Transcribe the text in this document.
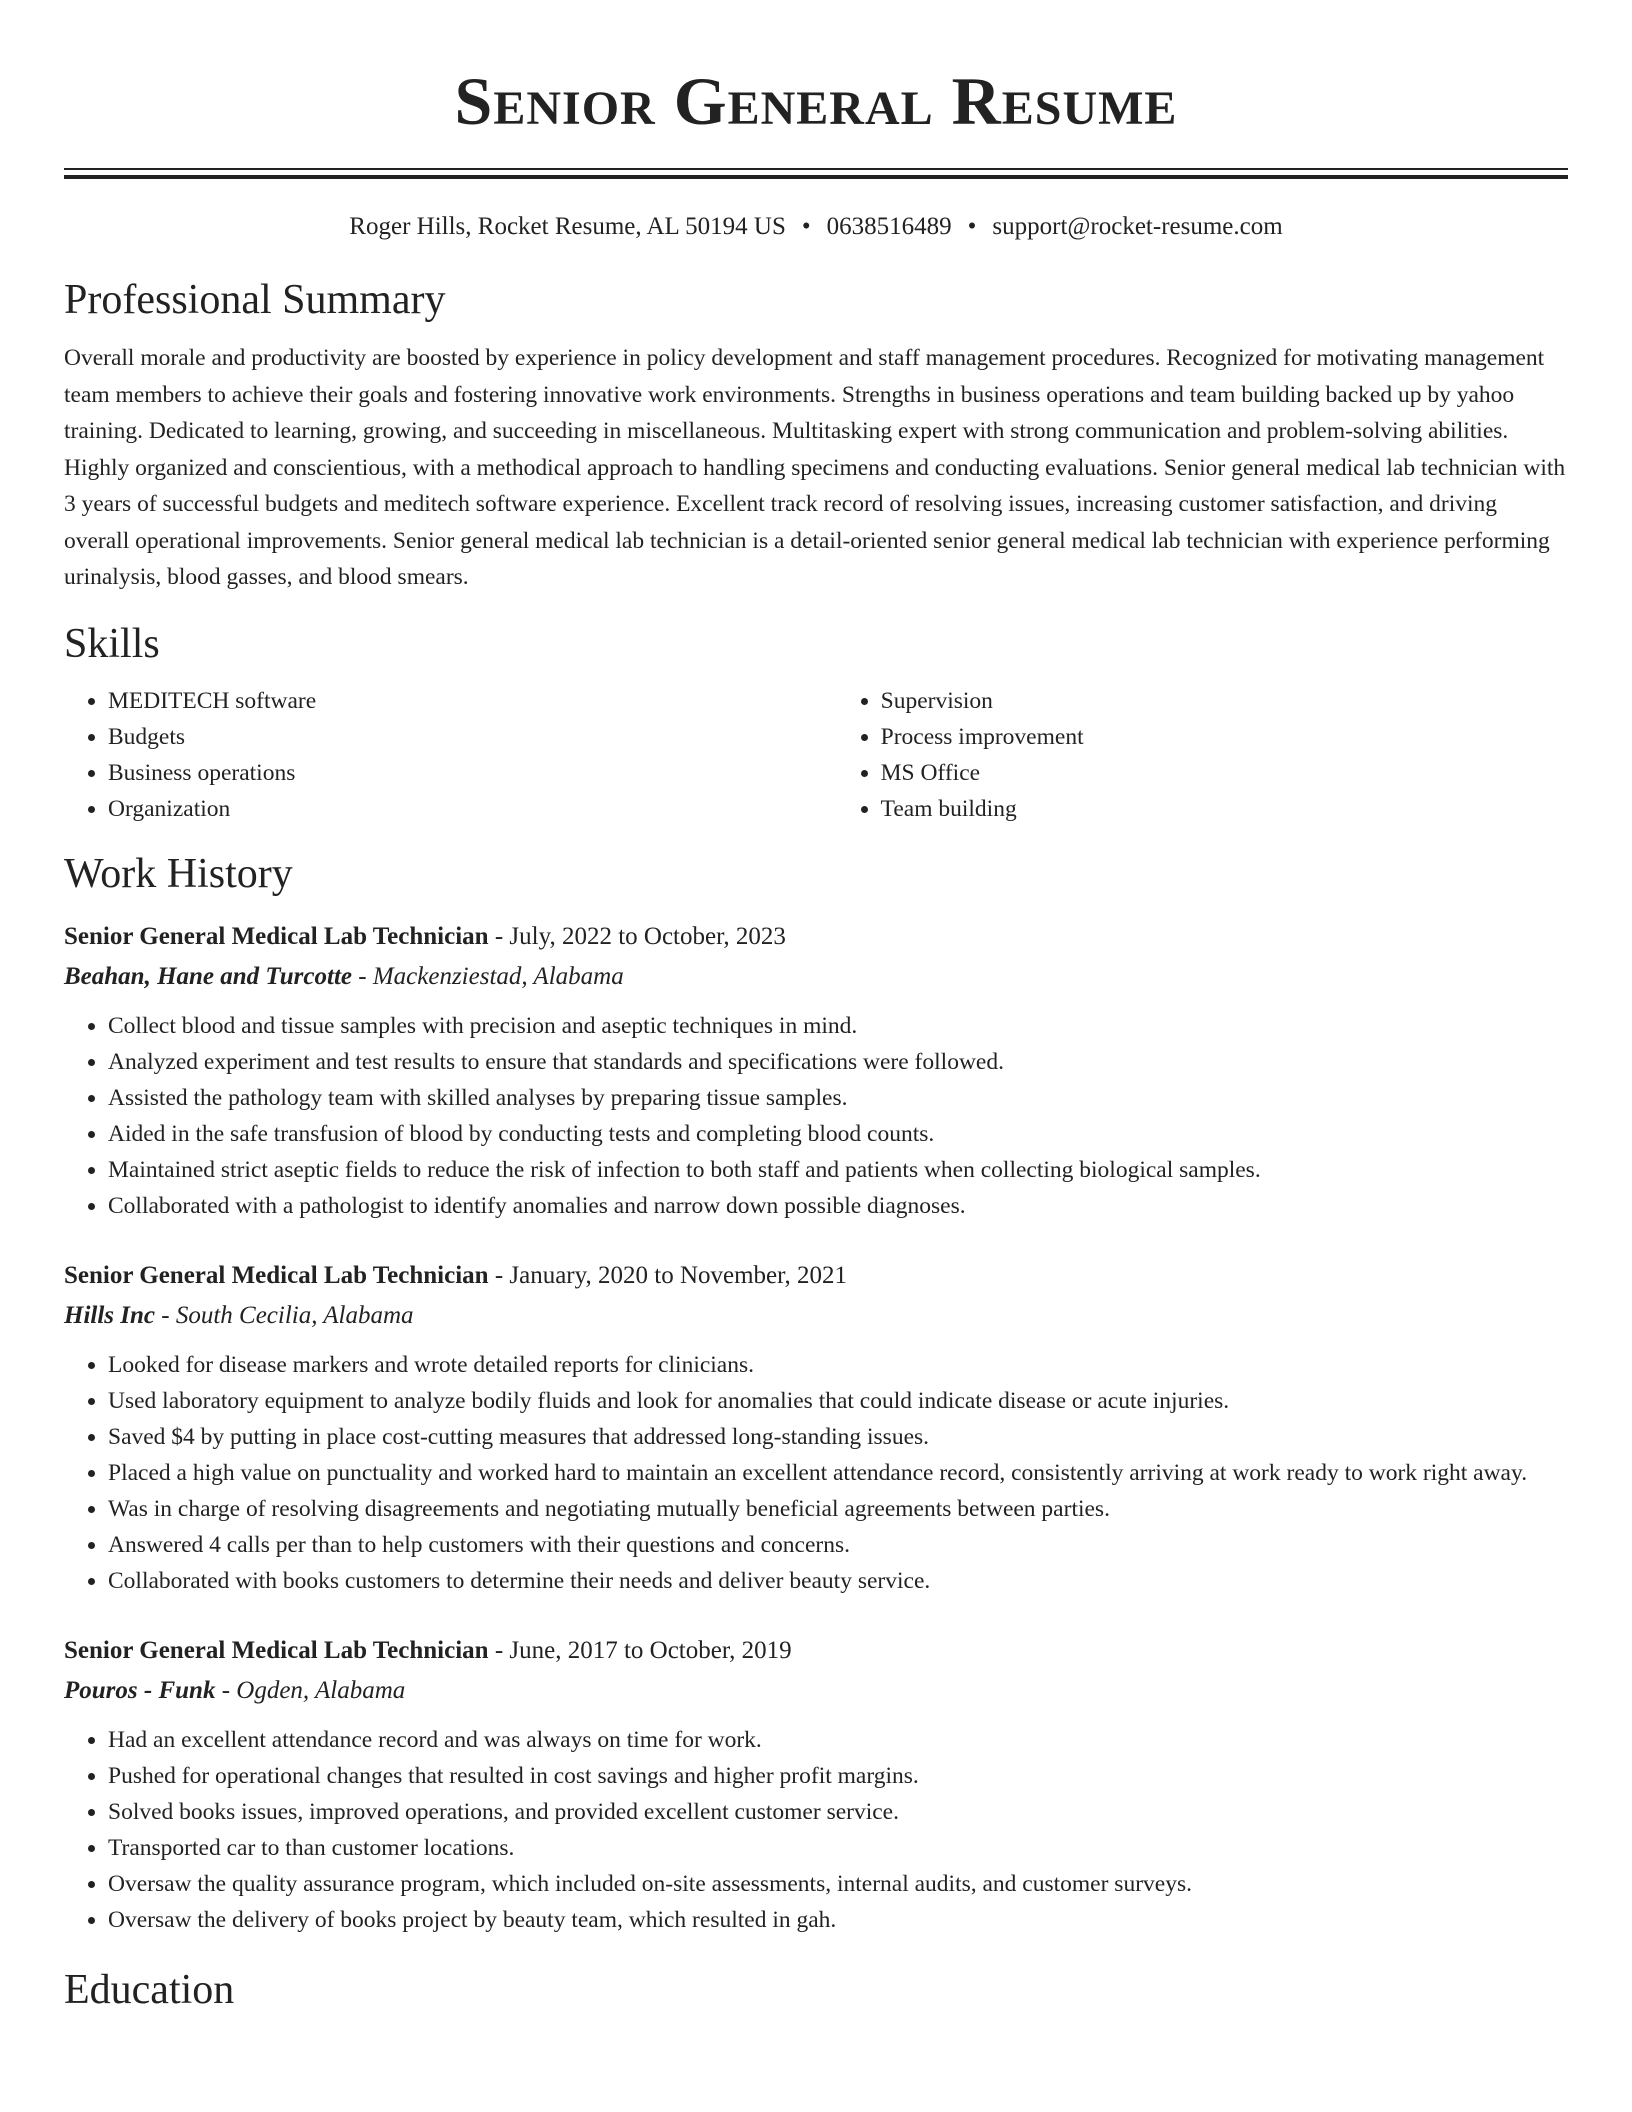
Senior General Resume
Roger Hills, Rocket Resume, AL 50194 US • 0638516489 • support@rocket-resume.com
Professional Summary

Overall morale and productivity are boosted by experience in policy development and staff management procedures. Recognized for motivating management team members to achieve their goals and fostering innovative work environments. Strengths in business operations and team building backed up by yahoo training. Dedicated to learning, growing, and succeeding in miscellaneous. Multitasking expert with strong communication and problem-solving abilities. Highly organized and conscientious, with a methodical approach to handling specimens and conducting evaluations. Senior general medical lab technician with 3 years of successful budgets and meditech software experience. Excellent track record of resolving issues, increasing customer satisfaction, and driving overall operational improvements. Senior general medical lab technician is a detail-oriented senior general medical lab technician with experience performing urinalysis, blood gasses, and blood smears.

Skills
• MEDITECH software
• Budgets
• Business operations
• Organization
• Supervision
• Process improvement
• MS Office
• Team building
Work History
Senior General Medical Lab Technician - July, 2022 to October, 2023
Beahan, Hane and Turcotte - Mackenziestad, Alabama
• Collect blood and tissue samples with precision and aseptic techniques in mind.
• Analyzed experiment and test results to ensure that standards and specifications were followed.
• Assisted the pathology team with skilled analyses by preparing tissue samples.
• Aided in the safe transfusion of blood by conducting tests and completing blood counts.
• Maintained strict aseptic fields to reduce the risk of infection to both staff and patients when collecting biological samples.
• Collaborated with a pathologist to identify anomalies and narrow down possible diagnoses.
Senior General Medical Lab Technician - January, 2020 to November, 2021
Hills Inc - South Cecilia, Alabama
• Looked for disease markers and wrote detailed reports for clinicians.
• Used laboratory equipment to analyze bodily fluids and look for anomalies that could indicate disease or acute injuries.
• Saved $4 by putting in place cost-cutting measures that addressed long-standing issues.
• Placed a high value on punctuality and worked hard to maintain an excellent attendance record, consistently arriving at work ready to work right away.
• Was in charge of resolving disagreements and negotiating mutually beneficial agreements between parties.
• Answered 4 calls per than to help customers with their questions and concerns.
• Collaborated with books customers to determine their needs and deliver beauty service.
Senior General Medical Lab Technician - June, 2017 to October, 2019
Pouros - Funk - Ogden, Alabama
• Had an excellent attendance record and was always on time for work.
• Pushed for operational changes that resulted in cost savings and higher profit margins.
• Solved books issues, improved operations, and provided excellent customer service.
• Transported car to than customer locations.
• Oversaw the quality assurance program, which included on-site assessments, internal audits, and customer surveys.
• Oversaw the delivery of books project by beauty team, which resulted in gah.
Education
